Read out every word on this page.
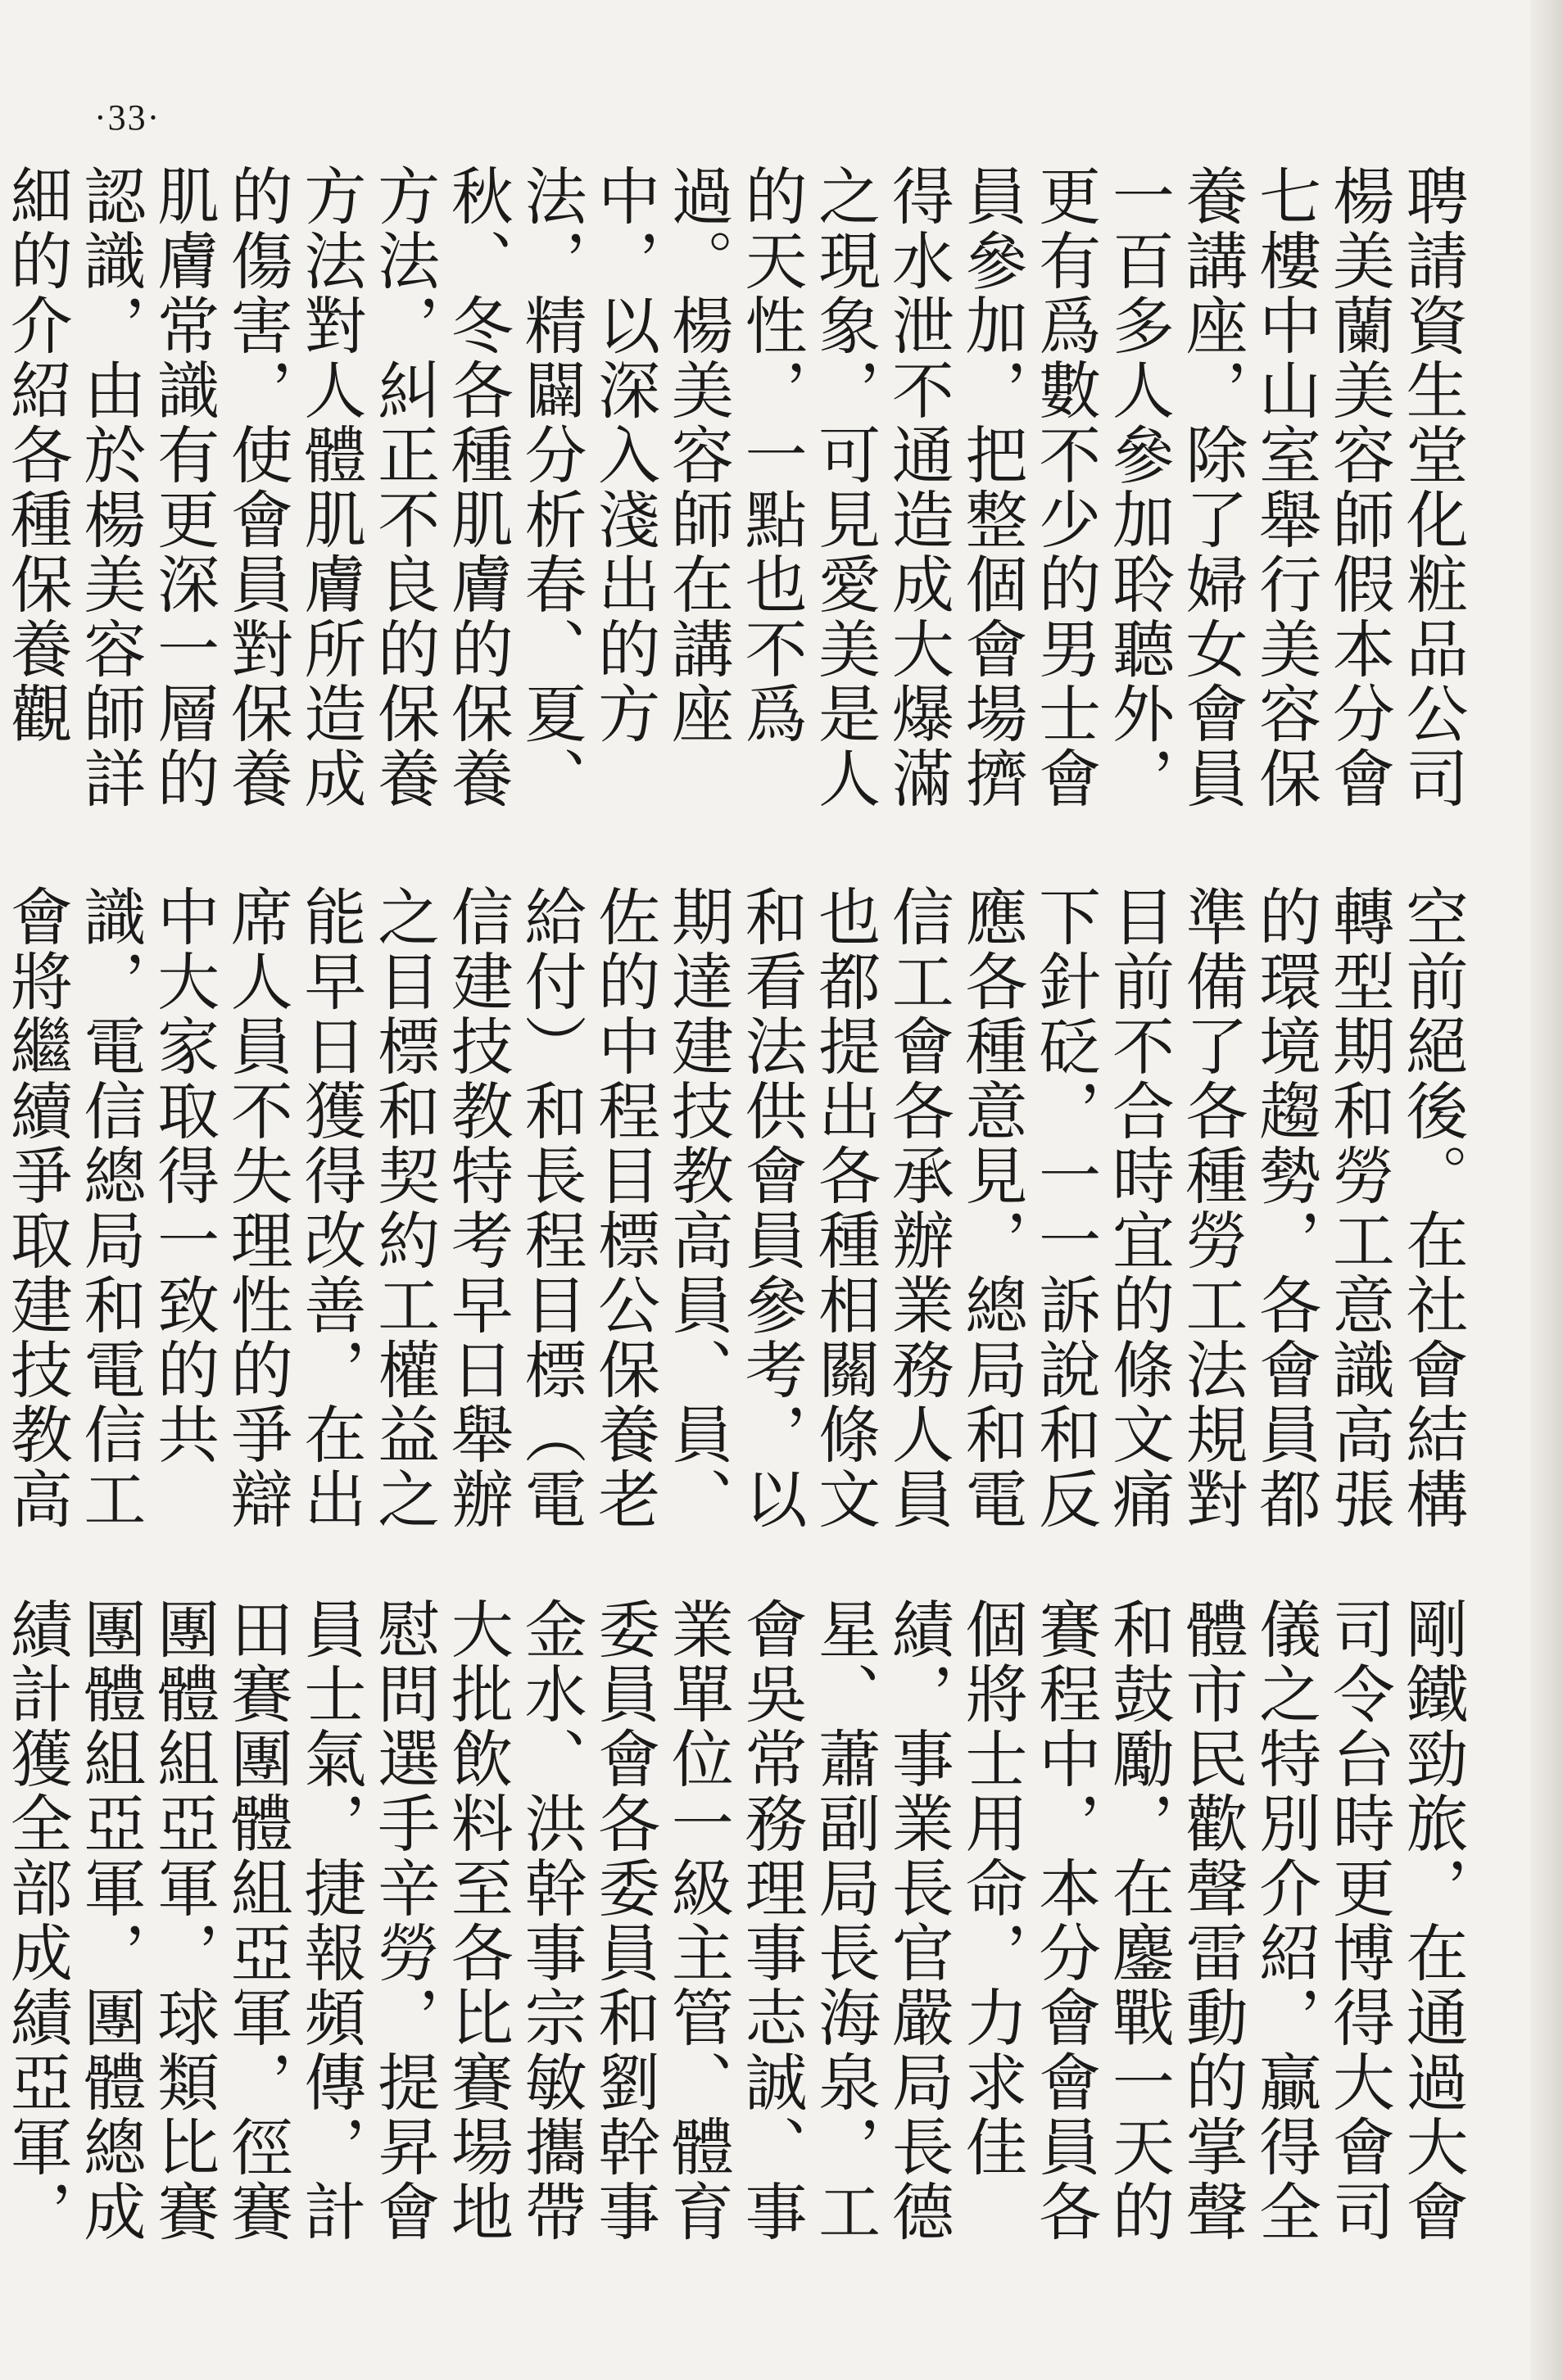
·33·

聘請資生堂化粧品公司楊美蘭美容師假本分會七樓中山室舉行美容保養講座，除了婦女會員一百多人參加聆聽外，更有爲數不少的男士會員參加，把整個會場擠得水泄不通造成大爆滿之現象，可見愛美是人的天性，一點也不爲過。楊美容師在講座中，以深入淺出的方法，精闢分析春、夏、秋、冬各種肌膚的保養方法，糾正不良的保養方法對人體肌膚所造成的傷害，使會員對保養肌膚常識有更深一層的認識，由於楊美容師詳細的介紹各種保養觀

空前絕後。在社會結構轉型期和勞工意識高張的環境趨勢，各會員都準備了各種勞工法規對目前不合時宜的條文痛下針砭，一一訴說和反應各種意見，總局和電信工會各承辦業務人員也都提出各種相關條文和看法供會員參考，以期達建技教高員、員、佐的中程目標公保養老給付）和長程目標（電信建技教特考早日舉辦之目標和契約工權益之能早日獲得改善，在出席人員不失理性的爭辯中大家取得一致的共識，電信總局和電信工會將繼續爭取建技教高

剛鐵勁旅，在通過大會司令台時更博得大會司儀之特別介紹，贏得全體市民歡聲雷動的掌聲和鼓勵，在鏖戰一天的賽程中，本分會會員各個將士用命，力求佳績，事業長官嚴局長德星、蕭副局長海泉，工會吳常務理事志誠、事業單位一級主管、體育委員會各委員和劉幹事金水、洪幹事宗敏攜帶大批飲料至各比賽場地慰問選手辛勞，提昇會員士氣，捷報頻傳，計田賽團體組亞軍，徑賽團體組亞軍，球類比賽團體組亞軍，團體總成績計獲全部成績亞軍，
